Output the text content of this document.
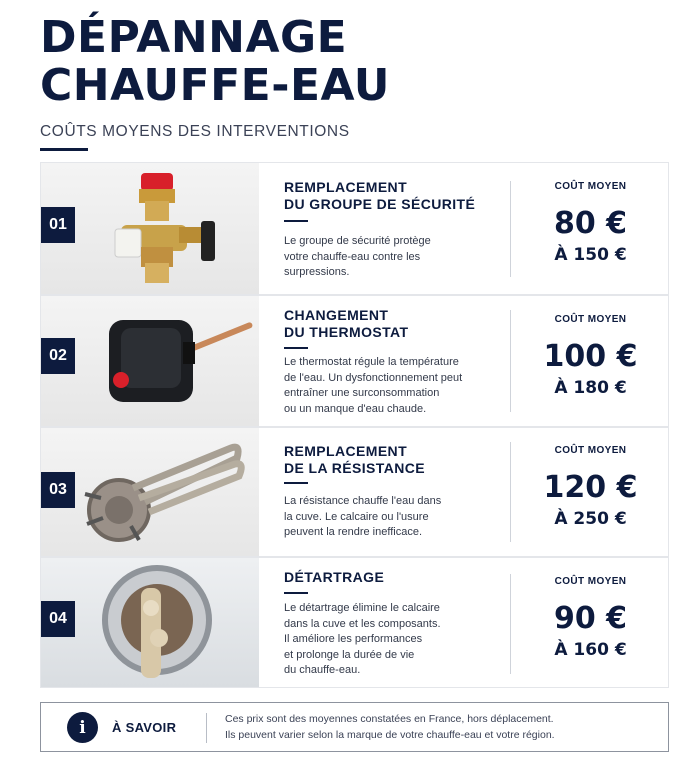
DÉPANNAGE
CHAUFFE-EAU
COÛTS MOYENS DES INTERVENTIONS
01
REMPLACEMENT
DU GROUPE DE SÉCURITÉ
Le groupe de sécurité protège
votre chauffe-eau contre les
surpressions.
COÛT MOYEN
80 €
À 150 €
02
CHANGEMENT
DU THERMOSTAT
Le thermostat régule la température
de l'eau. Un dysfonctionnement peut
entraîner une surconsommation
ou un manque d'eau chaude.
COÛT MOYEN
100 €
À 180 €
03
REMPLACEMENT
DE LA RÉSISTANCE
La résistance chauffe l'eau dans
la cuve. Le calcaire ou l'usure
peuvent la rendre inefficace.
COÛT MOYEN
120 €
À 250 €
04
DÉTARTRAGE
Le détartrage élimine le calcaire
dans la cuve et les composants.
Il améliore les performances
et prolonge la durée de vie
du chauffe-eau.
COÛT MOYEN
90 €
À 160 €
i	À SAVOIR
Ces prix sont des moyennes constatées en France, hors déplacement.
Ils peuvent varier selon la marque de votre chauffe-eau et votre région.
